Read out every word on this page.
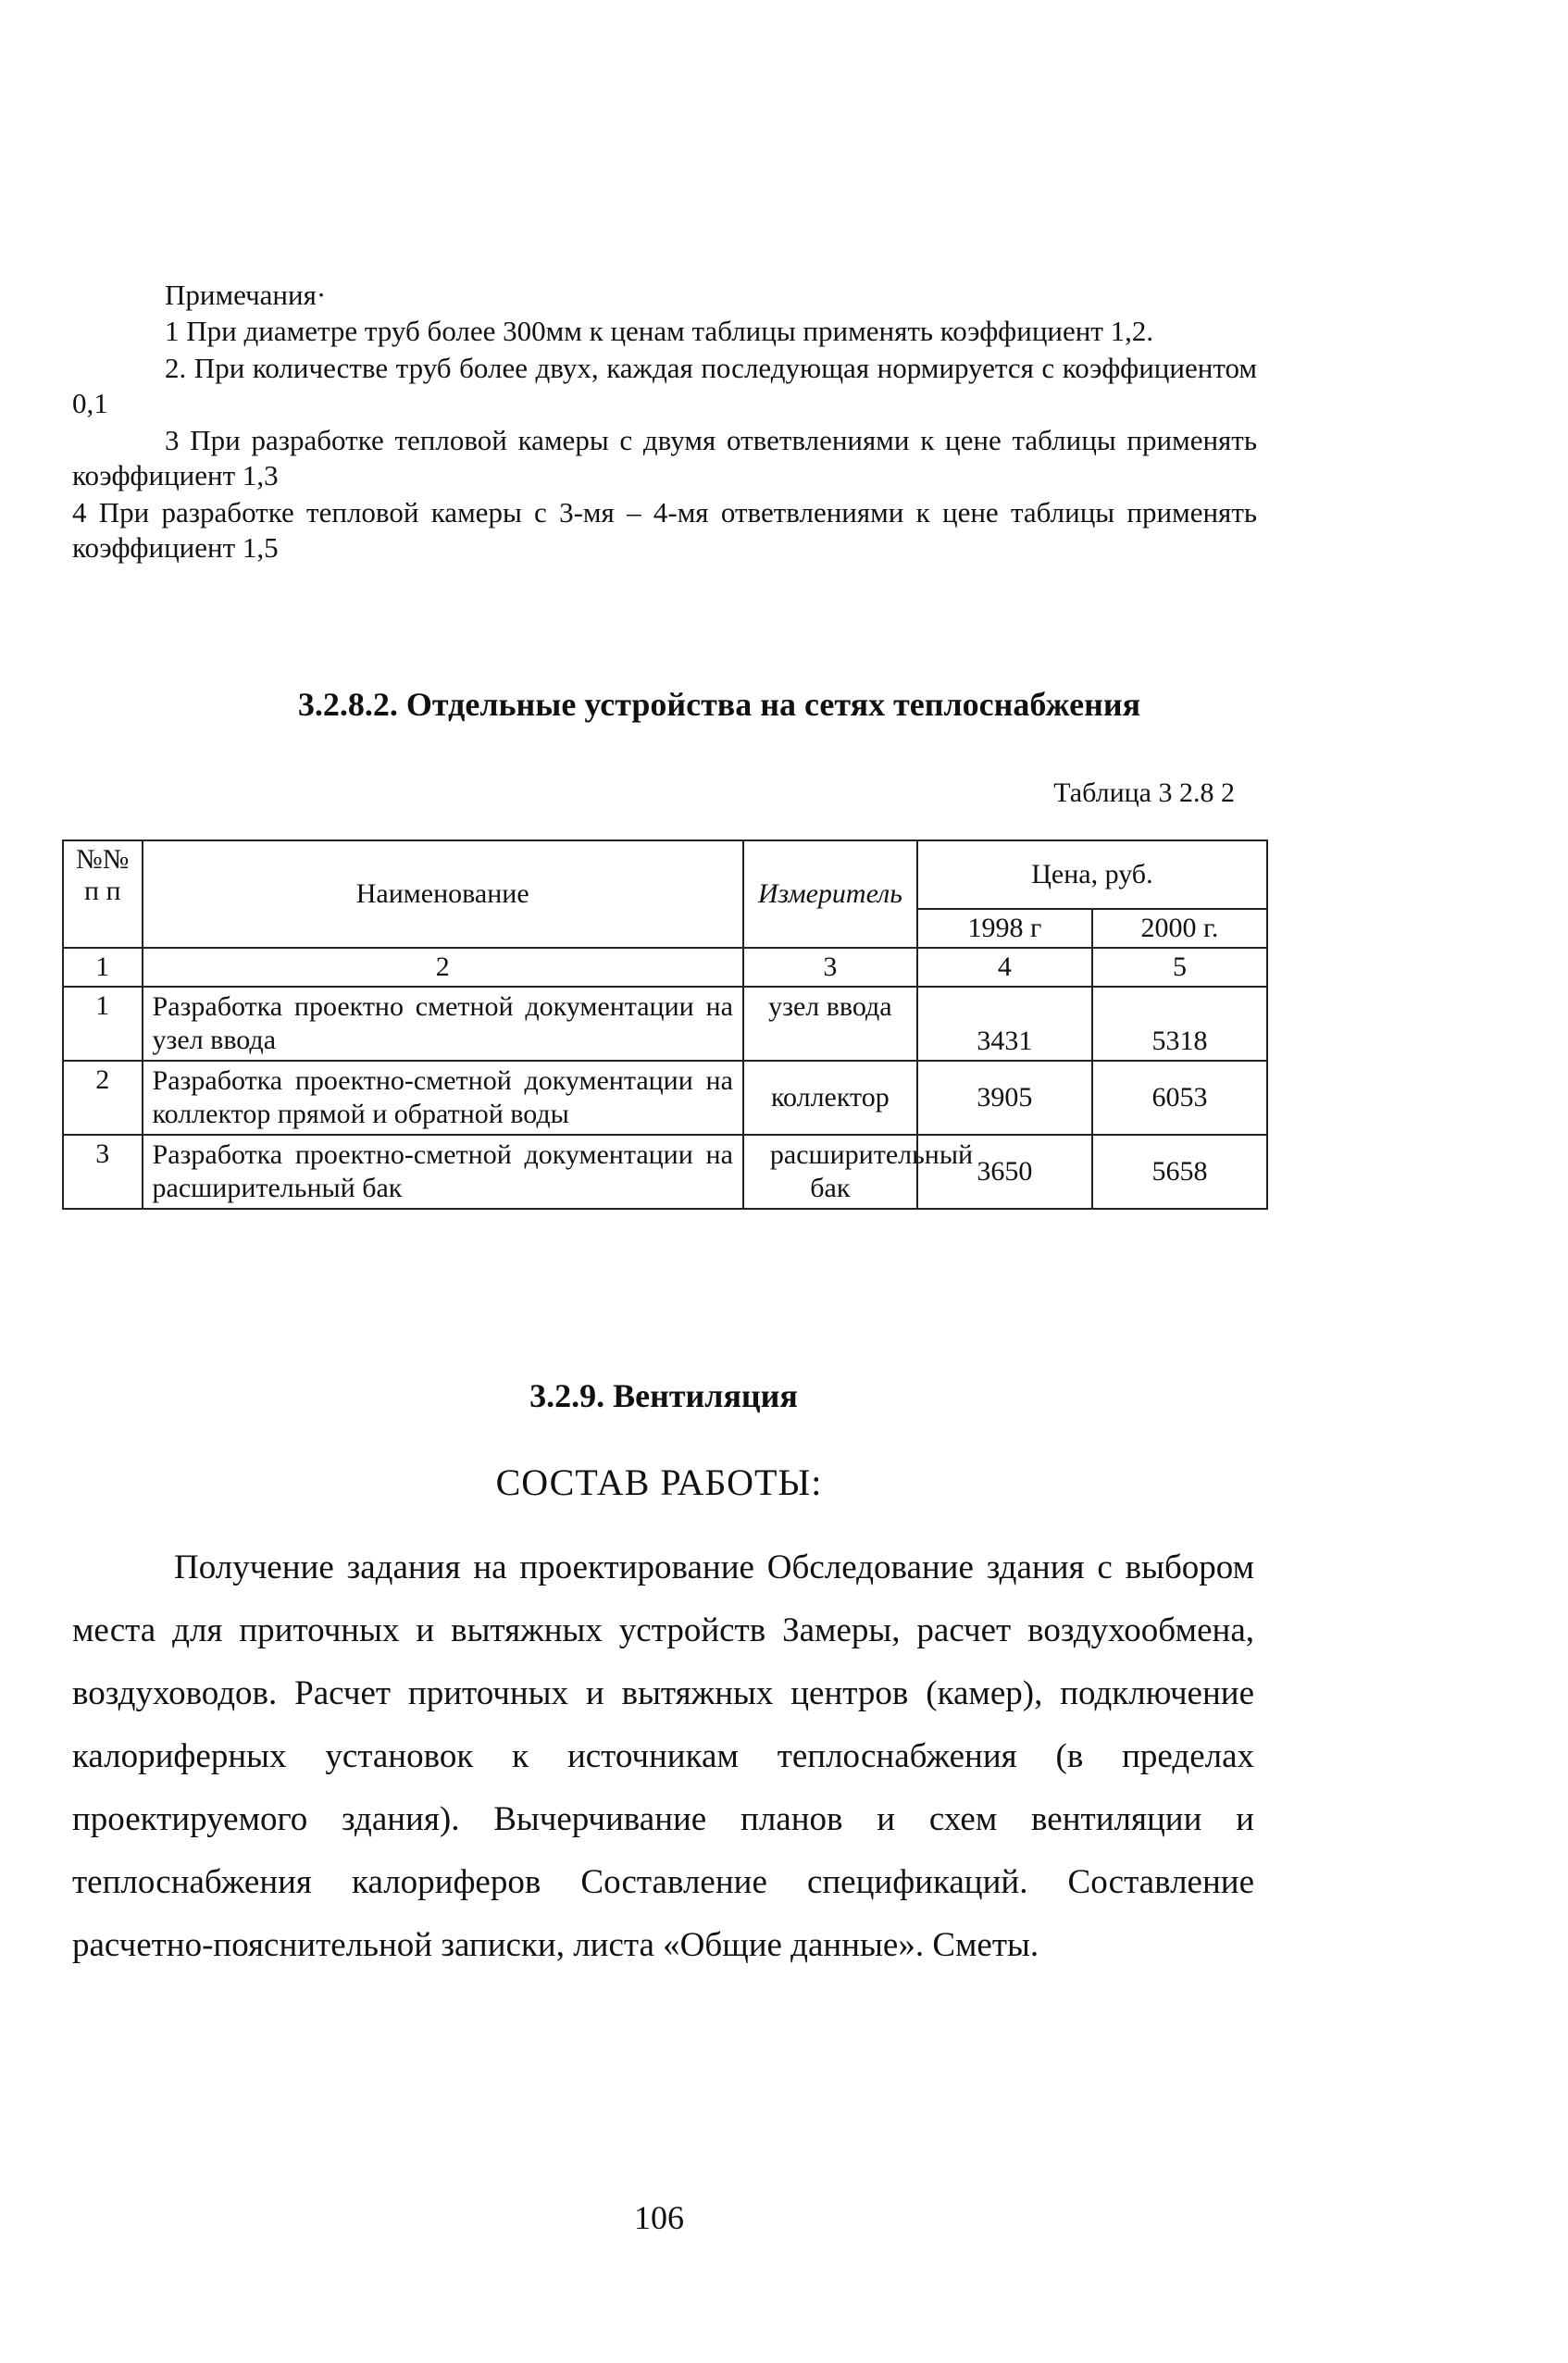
Примечания·

1 При диаметре труб более 300мм к ценам таблицы применять коэффициент 1,2.

2. При количестве труб более двух, каждая последующая нормируется с коэффициентом 0,1

3 При разработке тепловой камеры с двумя ответвлениями к цене таблицы применять коэффициент 1,3

4 При разработке тепловой камеры с 3-мя – 4-мя ответвлениями к цене таблицы применять коэффициент 1,5

3.2.8.2. Отдельные устройства на сетях теплоснабжения
Таблица 3 2.8 2
№№ п п	Наименование	Измеритель	Цена, руб.	
			1998 г	2000 г.
1	2	3	4	5
1	Разработка проектно сметной документации на узел ввода	узел ввода	3431	5318
2	Разработка проектно-сметной документации на коллектор прямой и обратной воды	коллектор	3905	6053
3	Разработка проектно-сметной документации на расширительный бак	расширительный бак	3650	5658
3.2.9. Вентиляция
СОСТАВ РАБОТЫ:

Получение задания на проектирование Обследование здания с выбором места для приточных и вытяжных устройств Замеры, расчет воздухообмена, воздуховодов. Расчет приточных и вытяжных центров (камер), подключение калориферных установок к источникам теплоснабжения (в пределах проектируемого здания). Вычерчивание планов и схем вентиляции и теплоснабжения калориферов Составление спецификаций. Составление расчетно-пояснительной записки, листа «Общие данные». Сметы.

106
